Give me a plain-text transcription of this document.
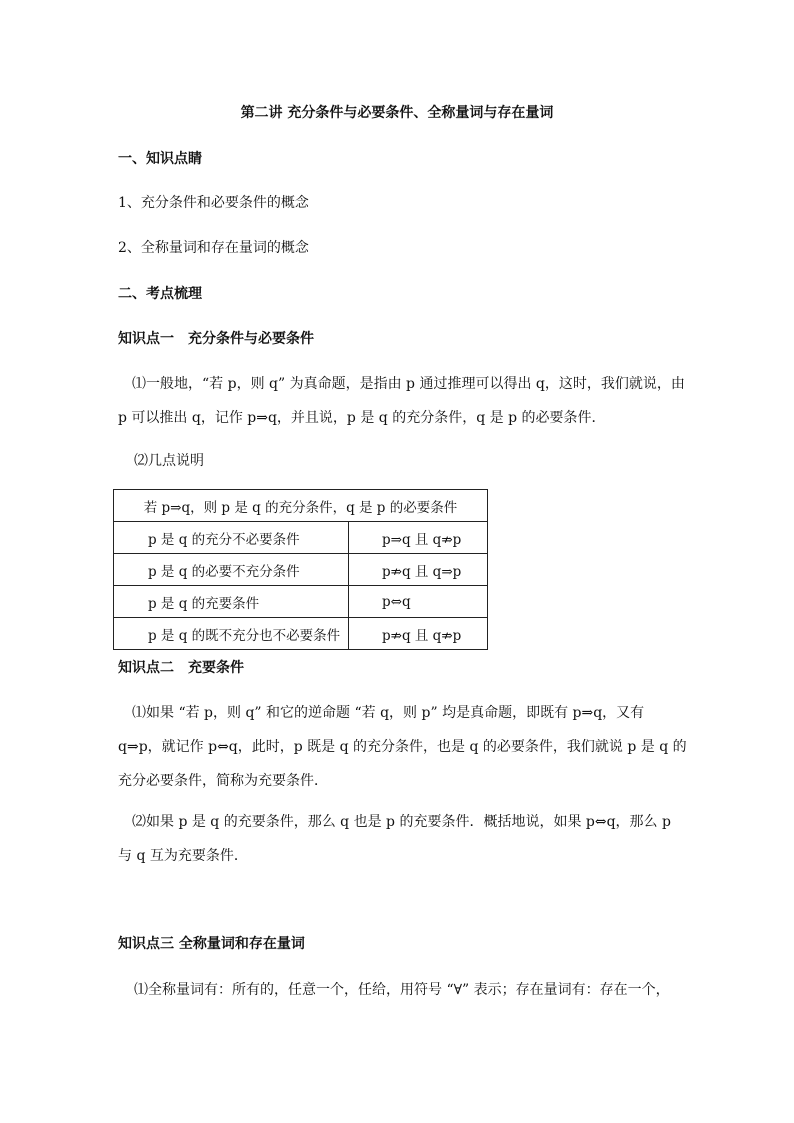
第二讲 充分条件与必要条件、全称量词与存在量词
一、知识点睛
1、充分条件和必要条件的概念
2、全称量词和存在量词的概念
二、考点梳理
知识点一　充分条件与必要条件
⑴一般地，“若 p，则 q” 为真命题，是指由 p 通过推理可以得出 q，这时，我们就说，由 p 可以推出 q，记作 p⇒q，并且说，p 是 q 的充分条件，q 是 p 的必要条件．
⑵几点说明
若 p⇒q，则 p 是 q 的充分条件，q 是 p 的必要条件	
p 是 q 的充分不必要条件	p⇒q 且 q⇏p
p 是 q 的必要不充分条件	p⇏q 且 q⇒p
p 是 q 的充要条件	p⇔q
p 是 q 的既不充分也不必要条件	p⇏q 且 q⇏p
知识点二　充要条件
⑴如果 “若 p，则 q” 和它的逆命题 “若 q，则 p” 均是真命题，即既有 p⇒q，又有 q⇒p，就记作 p⇔q，此时，p 既是 q 的充分条件，也是 q 的必要条件，我们就说 p 是 q 的充分必要条件，简称为充要条件．
⑵如果 p 是 q 的充要条件，那么 q 也是 p 的充要条件．概括地说，如果 p⇔q，那么 p 与 q 互为充要条件．
知识点三 全称量词和存在量词
⑴全称量词有：所有的，任意一个，任给，用符号 “∀” 表示；存在量词有：存在一个，
